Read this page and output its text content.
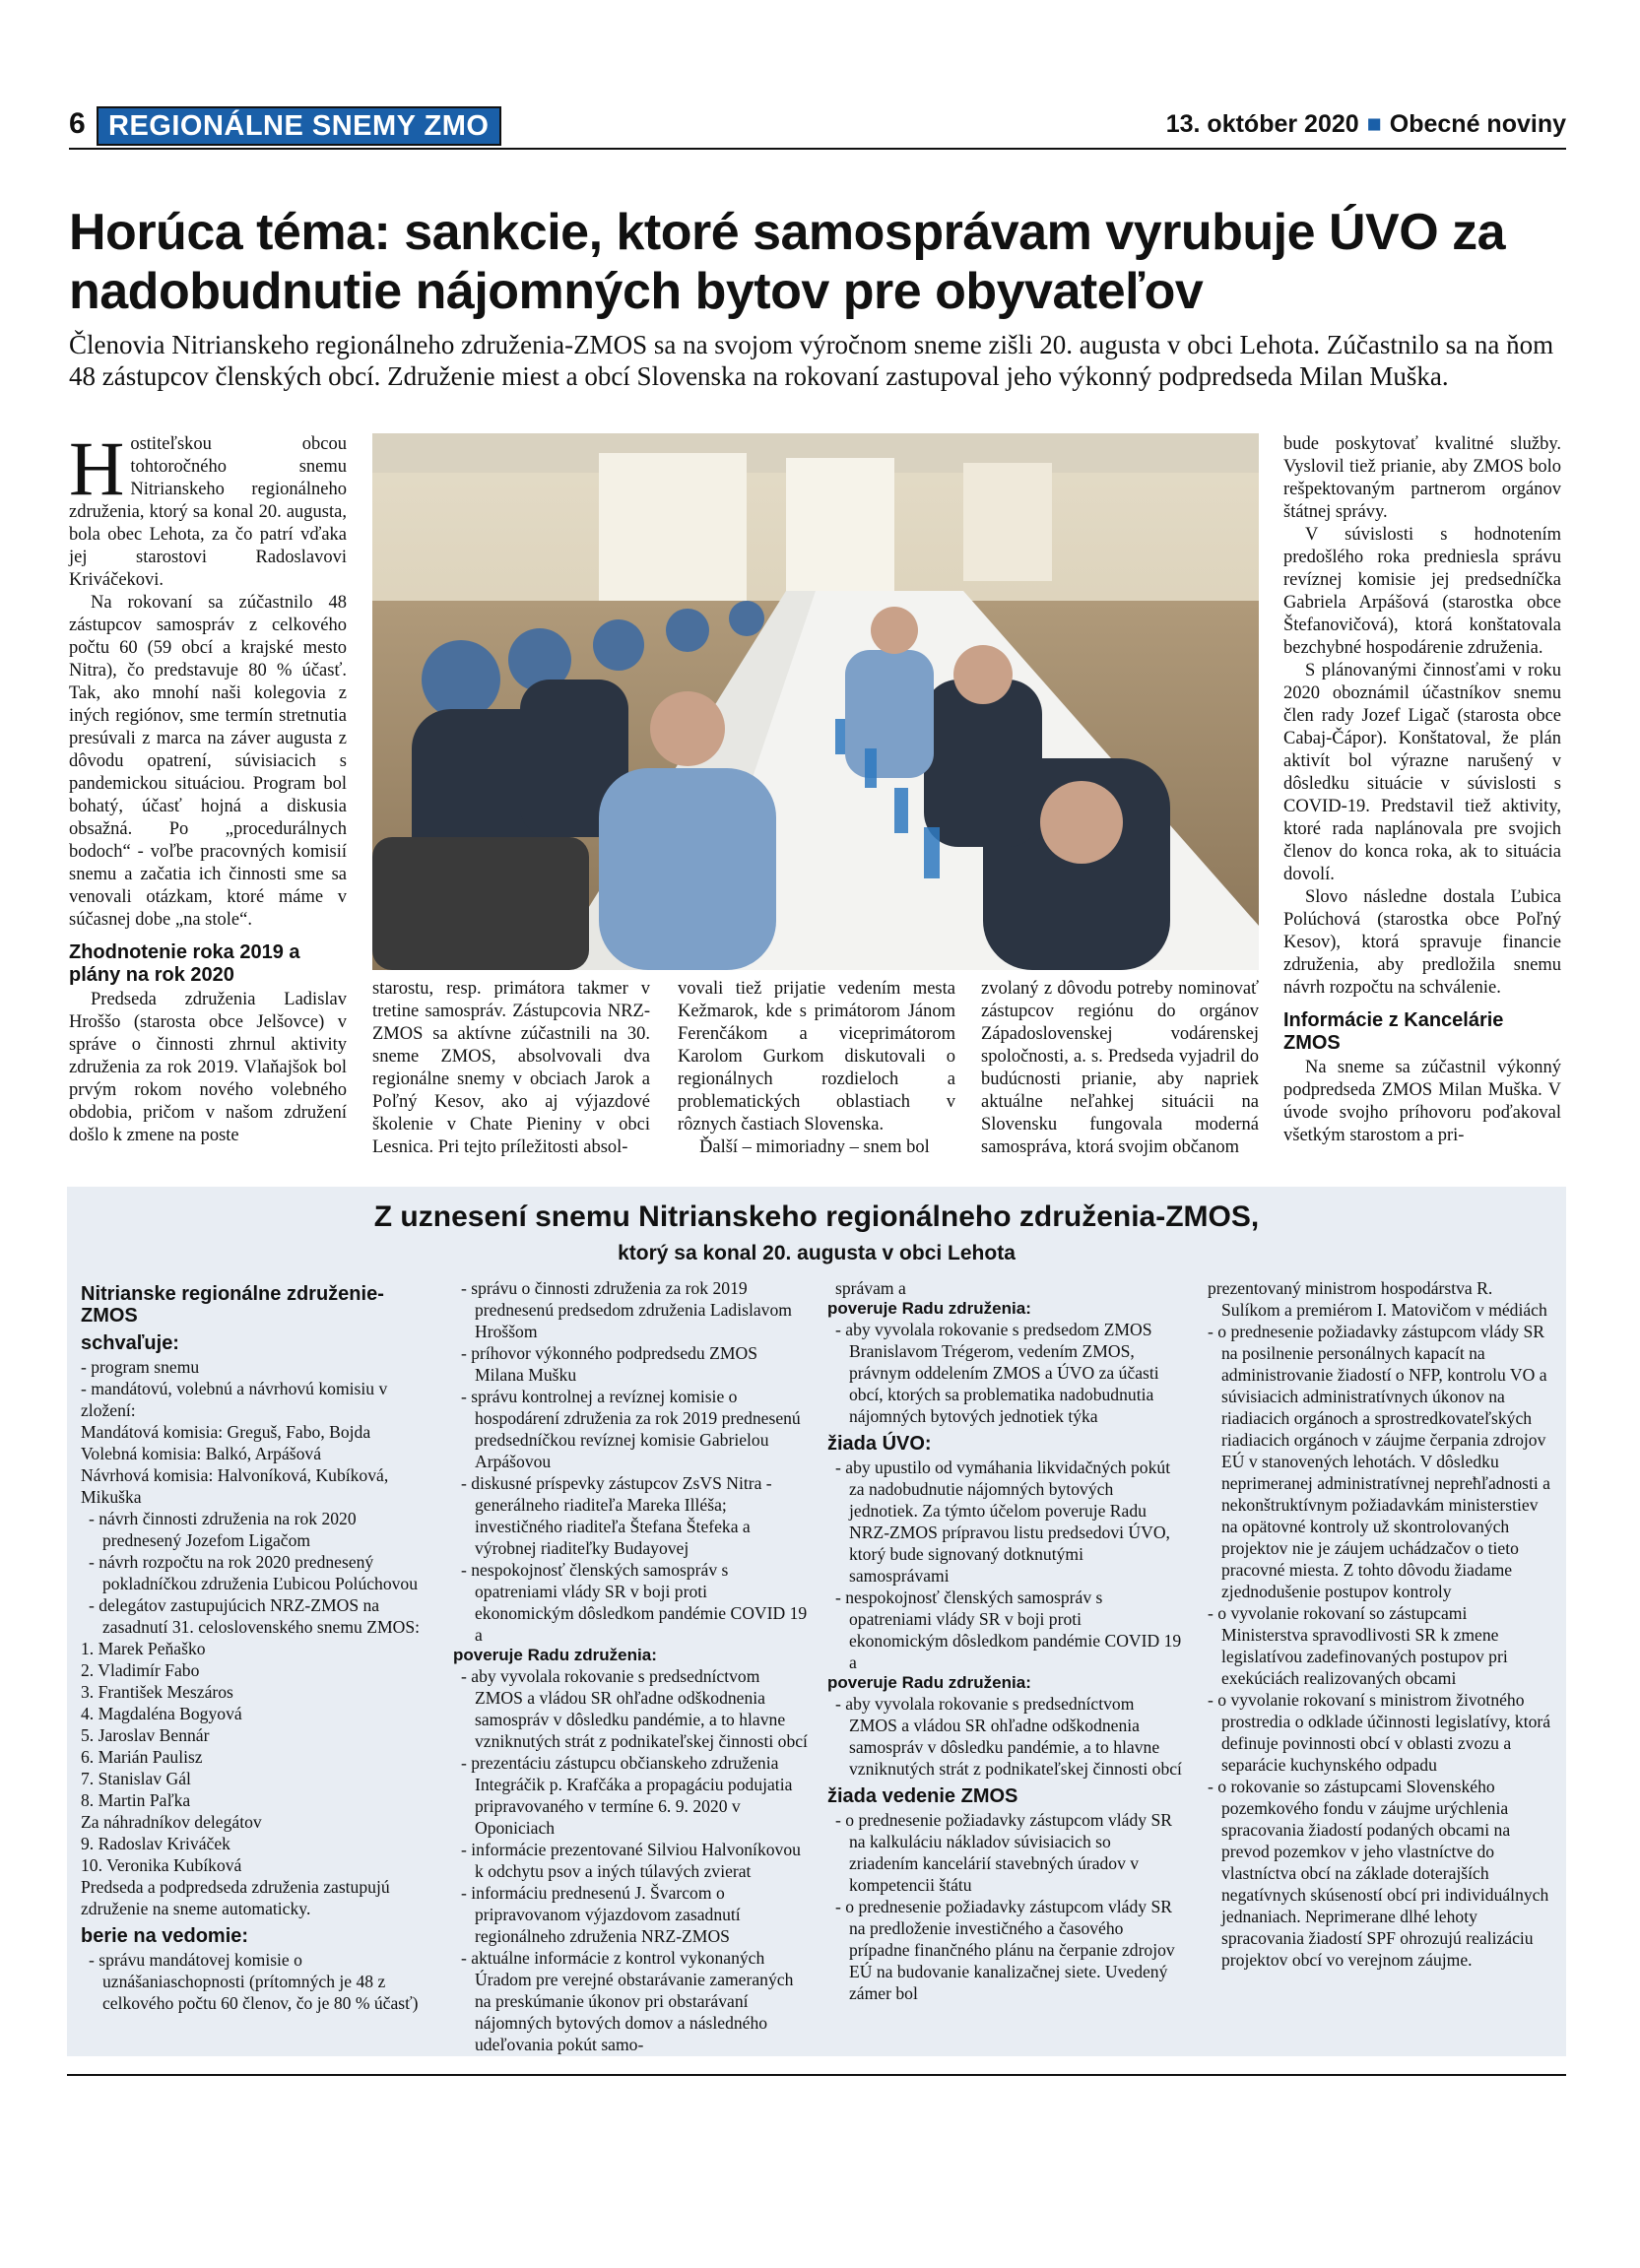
6 REGIONÁLNE SNEMY ZMO	13. október 2020 ■ Obecné noviny
Horúca téma: sankcie, ktoré samosprávam vyrubuje ÚVO za nadobudnutie nájomných bytov pre obyvateľov

Členovia Nitrianskeho regionálneho združenia-ZMOS sa na svojom výročnom sneme zišli 20. augusta v obci Lehota. Zúčastnilo sa na ňom 48 zástupcov členských obcí. Združenie miest a obcí Slovenska na rokovaní zastupoval jeho výkonný podpredseda Milan Muška.

Hostiteľskou obcou tohtoročného snemu Nitrianskeho regionálneho združenia, ktorý sa konal 20. augusta, bola obec Lehota, za čo patrí vďaka jej starostovi Radoslavovi Kriváčekovi.

Na rokovaní sa zúčastnilo 48 zástupcov samospráv z celkového počtu 60 (59 obcí a krajské mesto Nitra), čo predstavuje 80 % účasť. Tak, ako mnohí naši kolegovia z iných regiónov, sme termín stretnutia presúvali z marca na záver augusta z dôvodu opatrení, súvisiacich s pandemickou situáciou. Program bol bohatý, účasť hojná a diskusia obsažná. Po „procedurálnych bodoch“ - voľbe pracovných komisií snemu a začatia ich činnosti sme sa venovali otázkam, ktoré máme v súčasnej dobe „na stole“.

Zhodnotenie roka 2019 a plány na rok 2020

Predseda združenia Ladislav Hroššo (starosta obce Jelšovce) v správe o činnosti zhrnul aktivity združenia za rok 2019. Vlaňajšok bol prvým rokom nového volebného obdobia, pričom v našom združení došlo k zmene na poste

starostu, resp. primátora takmer v tretine samospráv. Zástupcovia NRZ-ZMOS sa aktívne zúčastnili na 30. sneme ZMOS, absolvovali dva regionálne snemy v obciach Jarok a Poľný Kesov, ako aj výjazdové školenie v Chate Pieniny v obci Lesnica. Pri tejto príležitosti absol-

vovali tiež prijatie vedením mesta Kežmarok, kde s primátorom Jánom Ferenčákom a viceprimátorom Karolom Gurkom diskutovali o regionálnych rozdieloch a problematických oblastiach v rôznych častiach Slovenska.

Ďalší – mimoriadny – snem bol

zvolaný z dôvodu potreby nominovať zástupcov regiónu do orgánov Západoslovenskej vodárenskej spoločnosti, a. s. Predseda vyjadril do budúcnosti prianie, aby napriek aktuálne neľahkej situácii na Slovensku fungovala moderná samospráva, ktorá svojim občanom

bude poskytovať kvalitné služby. Vyslovil tiež prianie, aby ZMOS bolo rešpektovaným partnerom orgánov štátnej správy.

V súvislosti s hodnotením predošlého roka predniesla správu revíznej komisie jej predsedníčka Gabriela Arpášová (starostka obce Štefanovičová), ktorá konštatovala bezchybné hospodárenie združenia.

S plánovanými činnosťami v roku 2020 oboznámil účastníkov snemu člen rady Jozef Ligač (starosta obce Cabaj-Čápor). Konštatoval, že plán aktivít bol výrazne narušený v dôsledku situácie v súvislosti s COVID-19. Predstavil tiež aktivity, ktoré rada naplánovala pre svojich členov do konca roka, ak to situácia dovolí.

Slovo následne dostala Ľubica Polúchová (starostka obce Poľný Kesov), ktorá spravuje financie združenia, aby predložila snemu návrh rozpočtu na schválenie.

Informácie z Kancelárie ZMOS

Na sneme sa zúčastnil výkonný podpredseda ZMOS Milan Muška. V úvode svojho príhovoru poďakoval všetkým starostom a pri-

Z uznesení snemu Nitrianskeho regionálneho združenia-ZMOS,
ktorý sa konal 20. augusta v obci Lehota
Nitrianske regionálne združenie-ZMOS
schvaľuje:
- program snemu
- mandátovú, volebnú a návrhovú komisiu v zložení:
Mandátová komisia: Greguš, Fabo, Bojda
Volebná komisia: Balkó, Arpášová
Návrhová komisia: Halvoníková, Kubíková, Mikuška
- návrh činnosti združenia na rok 2020 prednesený Jozefom Ligačom
- návrh rozpočtu na rok 2020 prednesený pokladníčkou združenia Ľubicou Polúchovou
- delegátov zastupujúcich NRZ-ZMOS na zasadnutí 31. celoslovenského snemu ZMOS:
1. Marek Peňaško
2. Vladimír Fabo
3. František Meszáros
4. Magdaléna Bogyová
5. Jaroslav Bennár
6. Marián Paulisz
7. Stanislav Gál
8. Martin Paľka
Za náhradníkov delegátov
9. Radoslav Kriváček
10. Veronika Kubíková
Predseda a podpredseda združenia zastupujú združenie na sneme automaticky.
berie na vedomie:
- správu mandátovej komisie o uznášaniaschopnosti (prítomných je 48 z celkového počtu 60 členov, čo je 80 % účasť)
- správu o činnosti združenia za rok 2019 prednesenú predsedom združenia Ladislavom Hroššom
- príhovor výkonného podpredsedu ZMOS Milana Mušku
- správu kontrolnej a revíznej komisie o hospodárení združenia za rok 2019 prednesenú predsedníčkou revíznej komisie Gabrielou Arpášovou
- diskusné príspevky zástupcov ZsVS Nitra - generálneho riaditeľa Mareka Illéša; investičného riaditeľa Štefana Štefeka a výrobnej riaditeľky Budayovej
- nespokojnosť členských samospráv s opatreniami vlády SR v boji proti ekonomickým dôsledkom pandémie COVID 19 a
poveruje Radu združenia:
- aby vyvolala rokovanie s predsedníctvom ZMOS a vládou SR ohľadne odškodnenia samospráv v dôsledku pandémie, a to hlavne vzniknutých strát z podnikateľskej činnosti obcí
- prezentáciu zástupcu občianskeho združenia Integráčik p. Krafčáka a propagáciu podujatia pripravovaného v termíne 6. 9. 2020 v Oponiciach
- informácie prezentované Silviou Halvoníkovou k odchytu psov a iných túlavých zvierat
- informáciu prednesenú J. Švarcom o pripravovanom výjazdovom zasadnutí regionálneho združenia NRZ-ZMOS
- aktuálne informácie z kontrol vykonaných Úradom pre verejné obstarávanie zameraných na preskúmanie úkonov pri obstarávaní nájomných bytových domov a následného udeľovania pokút samo-
správam a
poveruje Radu združenia:
- aby vyvolala rokovanie s predsedom ZMOS Branislavom Trégerom, vedením ZMOS, právnym oddelením ZMOS a ÚVO za účasti obcí, ktorých sa problematika nadobudnutia nájomných bytových jednotiek týka
žiada ÚVO:
- aby upustilo od vymáhania likvidačných pokút za nadobudnutie nájomných bytových jednotiek. Za týmto účelom poveruje Radu NRZ-ZMOS prípravou listu predsedovi ÚVO, ktorý bude signovaný dotknutými samosprávami
- nespokojnosť členských samospráv s opatreniami vlády SR v boji proti ekonomickým dôsledkom pandémie COVID 19 a
poveruje Radu združenia:
- aby vyvolala rokovanie s predsedníctvom ZMOS a vládou SR ohľadne odškodnenia samospráv v dôsledku pandémie, a to hlavne vzniknutých strát z podnikateľskej činnosti obcí
žiada vedenie ZMOS
- o prednesenie požiadavky zástupcom vlády SR na kalkuláciu nákladov súvisiacich so zriadením kancelárií stavebných úradov v kompetencii štátu
- o prednesenie požiadavky zástupcom vlády SR na predloženie investičného a časového prípadne finančného plánu na čerpanie zdrojov EÚ na budovanie kanalizačnej siete. Uvedený zámer bol
prezentovaný ministrom hospodárstva R. Sulíkom a premiérom I. Matovičom v médiách
- o prednesenie požiadavky zástupcom vlády SR na posilnenie personálnych kapacít na administrovanie žiadostí o NFP, kontrolu VO a súvisiacich administratívnych úkonov na riadiacich orgánoch a sprostredkovateľských riadiacich orgánoch v záujme čerpania zdrojov EÚ v stanovených lehotách. V dôsledku neprimeranej administratívnej nepreħľadnosti a nekonštruktívnym požiadavkám ministerstiev na opätovné kontroly už skontrolovaných projektov nie je záujem uchádzačov o tieto pracovné miesta. Z tohto dôvodu žiadame zjednodušenie postupov kontroly
- o vyvolanie rokovaní so zástupcami Ministerstva spravodlivosti SR k zmene legislatívou zadefinovaných postupov pri exekúciách realizovaných obcami
- o vyvolanie rokovaní s ministrom životného prostredia o odklade účinnosti legislatívy, ktorá definuje povinnosti obcí v oblasti zvozu a separácie kuchynského odpadu
- o rokovanie so zástupcami Slovenského pozemkového fondu v záujme urýchlenia spracovania žiadostí podaných obcami na prevod pozemkov v jeho vlastníctve do vlastníctva obcí na základe doterajších negatívnych skúseností obcí pri individuálnych jednaniach. Neprimerane dlhé lehoty spracovania žiadostí SPF ohrozujú realizáciu projektov obcí vo verejnom záujme.
